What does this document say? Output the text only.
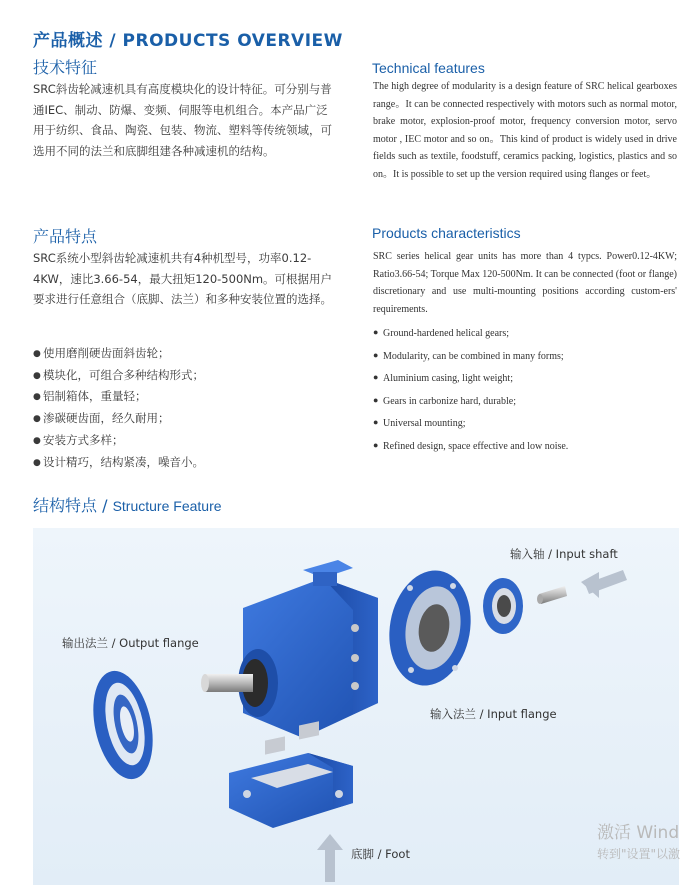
产品概述 / PRODUCTS OVERVIEW
技术特征
SRC斜齿轮减速机具有高度模块化的设计特征。可分别与普通IEC、制动、防爆、变频、伺服等电机组合。本产品广泛用于纺织、食品、陶瓷、包装、物流、塑料等传统领域，可选用不同的法兰和底脚组建各种减速机的结构。
Technical features
The high degree of modularity is a design feature of SRC helical gearboxes range。It can be connected respectively with motors such as normal motor, brake motor, explosion-proof motor, frequency conversion motor, servo motor , IEC motor and so on。This kind of product is widely used in drive fields such as textile, foodstuff, ceramics packing, logistics, plastics and so on。It is possible to set up the version required using flanges or feet。
产品特点
SRC系统小型斜齿轮减速机共有4种机型号，功率0.12-4KW，速比3.66-54，最大扭矩120-500Nm。可根据用户要求进行任意组合（底脚、法兰）和多种安装位置的选择。
● 使用磨削硬齿面斜齿轮；
● 模块化，可组合多种结构形式；
● 铝制箱体，重量轻；
● 渗碳硬齿面，经久耐用；
● 安装方式多样；
● 设计精巧，结构紧凑，噪音小。
Products characteristics
SRC series helical gear units has more than 4 typcs. Power0.12-4KW; Ratio3.66-54; Torque Max 120-500Nm. It can be connected (foot or flange) discretionary and use multi-mounting positions according custom-ers' requirements.
● Ground-hardened helical gears;
● Modularity, can be combined in many forms;
● Aluminium casing, light weight;
● Gears in carbonize hard, durable;
● Universal mounting;
● Refined design, space effective and low noise.
结构特点 / Structure Feature
输入轴 / Input shaft
输出法兰 / Output flange
输入法兰 / Input flange
底脚 / Foot
激活 Wind
转到"设置"以激
